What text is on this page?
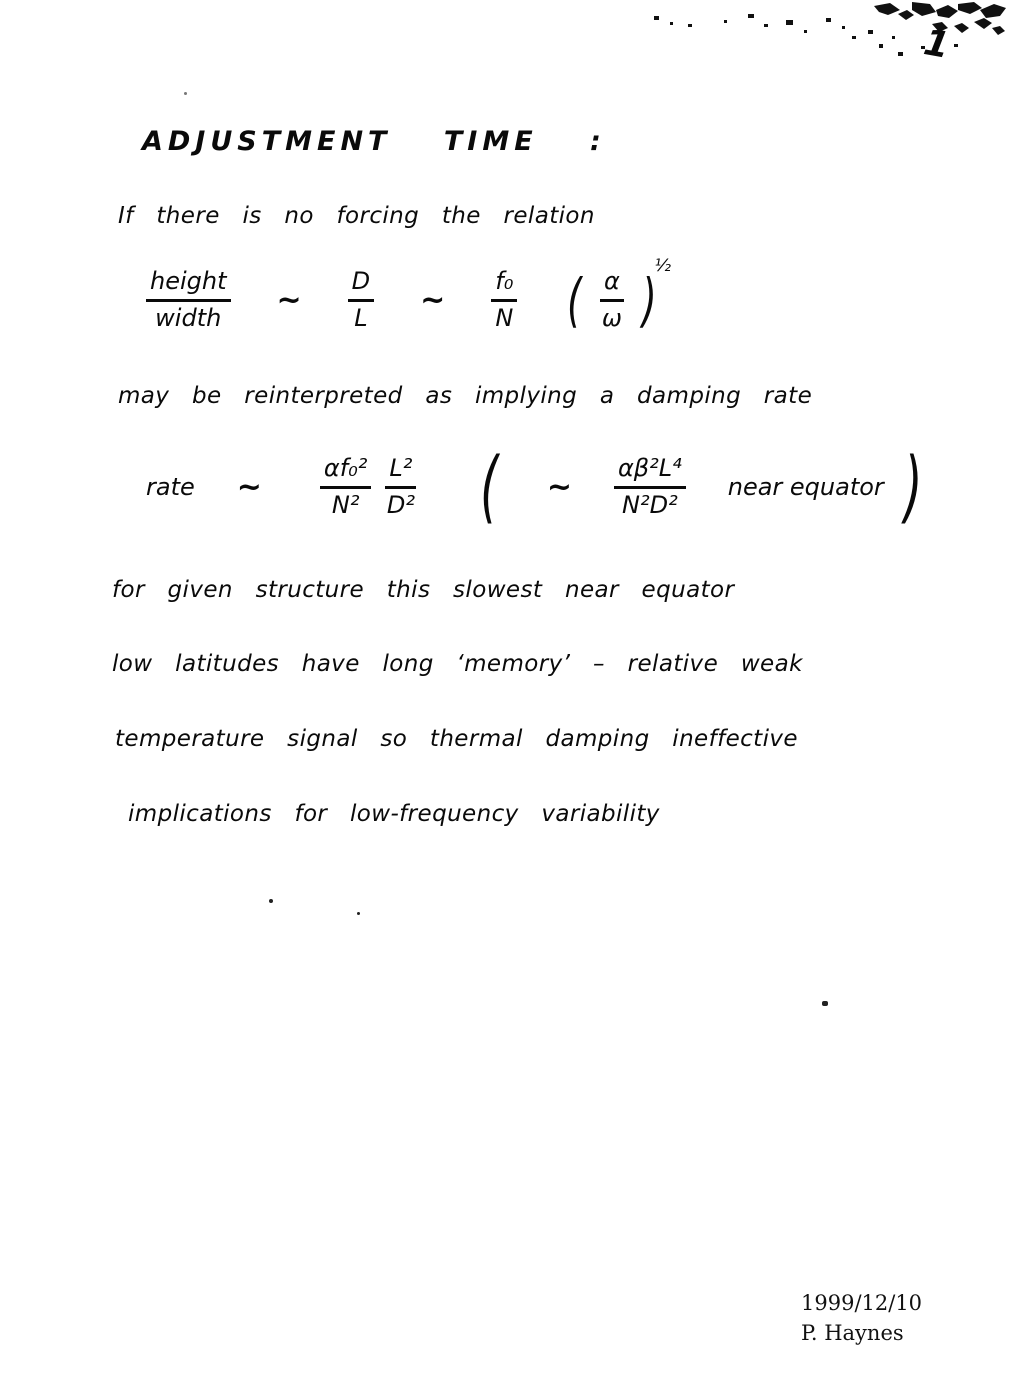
1
ADJUSTMENT TIME :

If there is no forcing the relation

$\frac{\text{height}}{\text{width}}$ ~ $\frac{D}{L}$ ~ $\frac{\text{f₀}}{N}$ ( $\frac{\alpha}{\omega}$ )
½

may be reinterpreted as implying a damping rate

rate ~ $\frac{\text{αf₀²}}{\text{N²}} \frac{\text{L²}}{\text{D²}}$ ( ~ $\frac{\text{αβ²L⁴}}{\text{N²D²}}$ near equator )

for given structure this slowest near equator

low latitudes have long ‘memory’ – relative weak

temperature signal so thermal damping ineffective

implications for low-frequency variability

1999/12/10
P. Haynes
